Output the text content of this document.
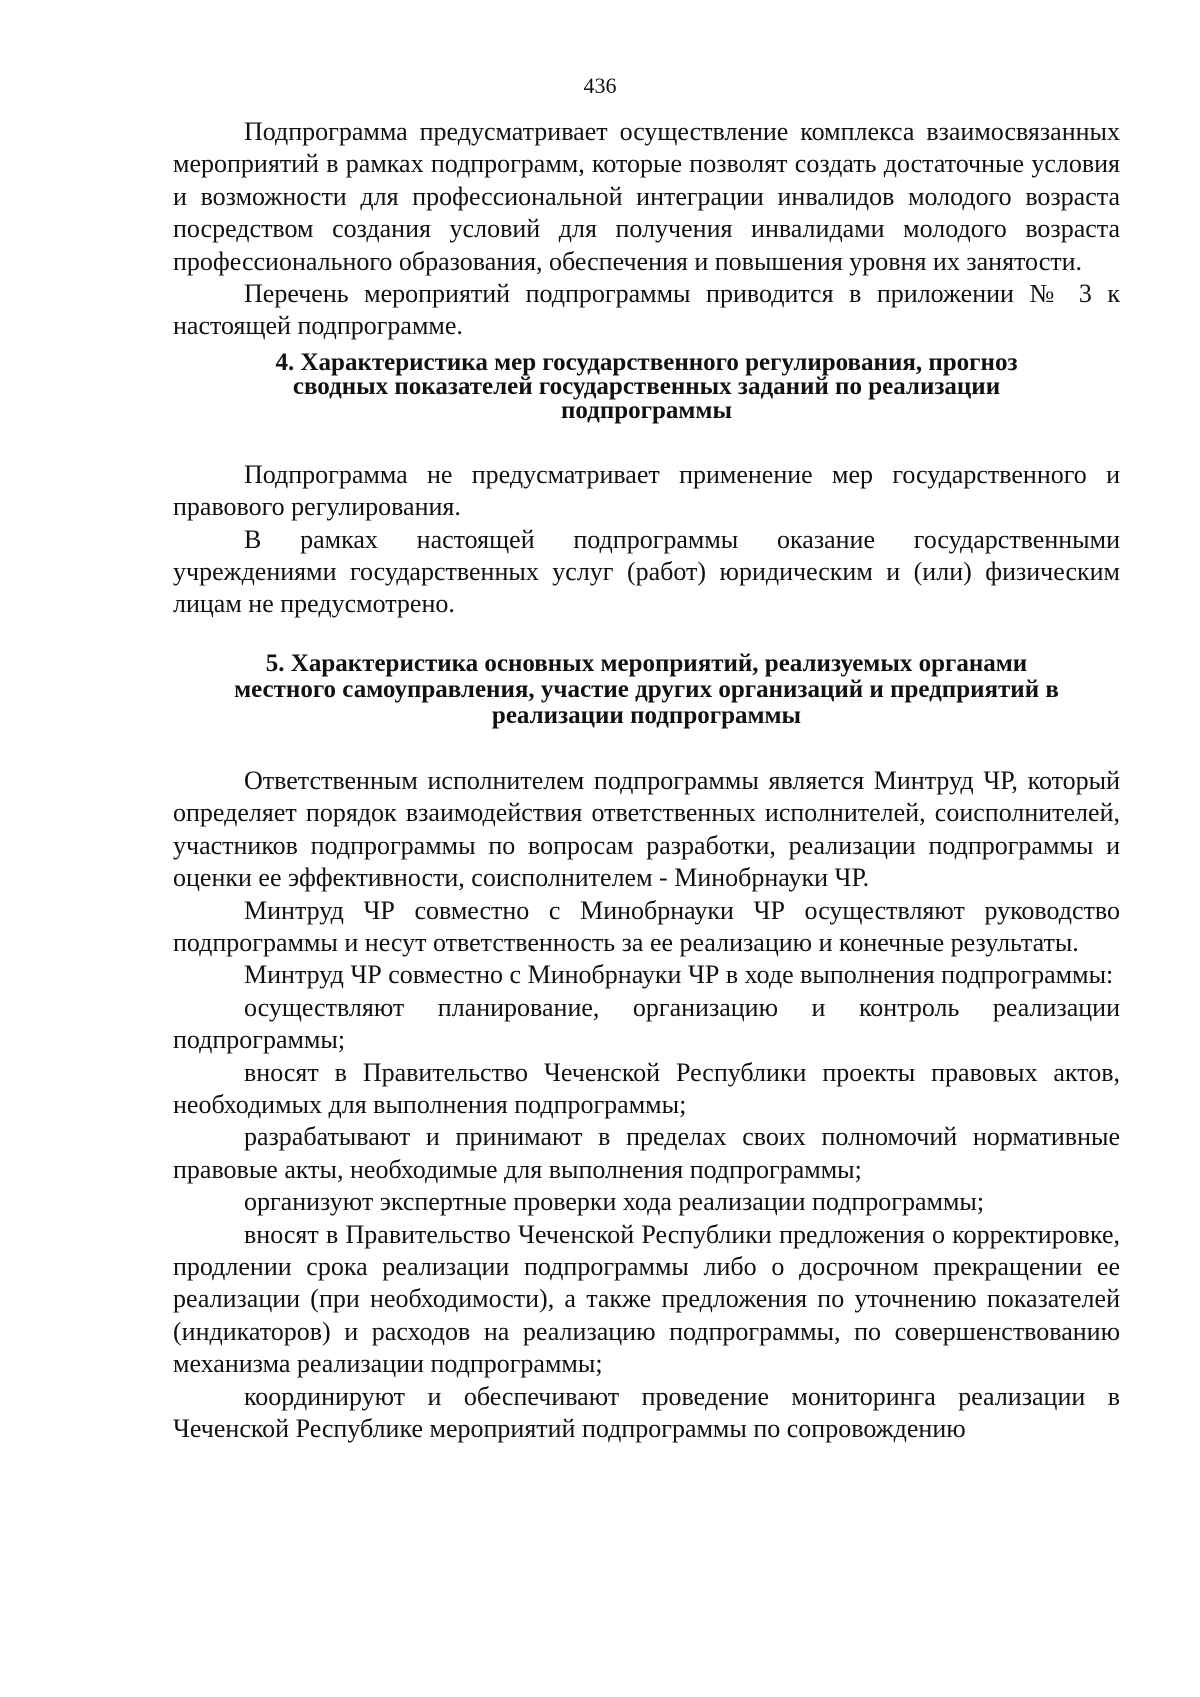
436

Подпрограмма предусматривает осуществление комплекса взаимосвязанных мероприятий в рамках подпрограмм, которые позволят создать достаточные условия и возможности для профессиональной интеграции инвалидов молодого возраста посредством создания условий для получения инвалидами молодого возраста профессионального образования, обеспечения и повышения уровня их занятости.

Перечень мероприятий подпрограммы приводится в приложении № 3 к настоящей подпрограмме.

4. Характеристика мер государственного регулирования, прогноз
сводных показателей государственных заданий по реализации
подпрограммы

Подпрограмма не предусматривает применение мер государственного и правового регулирования.

В рамках настоящей подпрограммы оказание государственными учреждениями государственных услуг (работ) юридическим и (или) физическим лицам не предусмотрено.

5. Характеристика основных мероприятий, реализуемых органами
местного самоуправления, участие других организаций и предприятий в
реализации подпрограммы

Ответственным исполнителем подпрограммы является Минтруд ЧР, который определяет порядок взаимодействия ответственных исполнителей, соисполнителей, участников подпрограммы по вопросам разработки, реализации подпрограммы и оценки ее эффективности, соисполнителем - Минобрнауки ЧР.

Минтруд ЧР совместно с Минобрнауки ЧР осуществляют руководство подпрограммы и несут ответственность за ее реализацию и конечные результаты.

Минтруд ЧР совместно с Минобрнауки ЧР в ходе выполнения подпрограммы:

осуществляют планирование, организацию и контроль реализации подпрограммы;

вносят в Правительство Чеченской Республики проекты правовых актов, необходимых для выполнения подпрограммы;

разрабатывают и принимают в пределах своих полномочий нормативные правовые акты, необходимые для выполнения подпрограммы;

организуют экспертные проверки хода реализации подпрограммы;

вносят в Правительство Чеченской Республики предложения о корректировке, продлении срока реализации подпрограммы либо о досрочном прекращении ее реализации (при необходимости), а также предложения по уточнению показателей (индикаторов) и расходов на реализацию подпрограммы, по совершенствованию механизма реализации подпрограммы;

координируют и обеспечивают проведение мониторинга реализации в Чеченской Республике мероприятий подпрограммы по сопровождению
